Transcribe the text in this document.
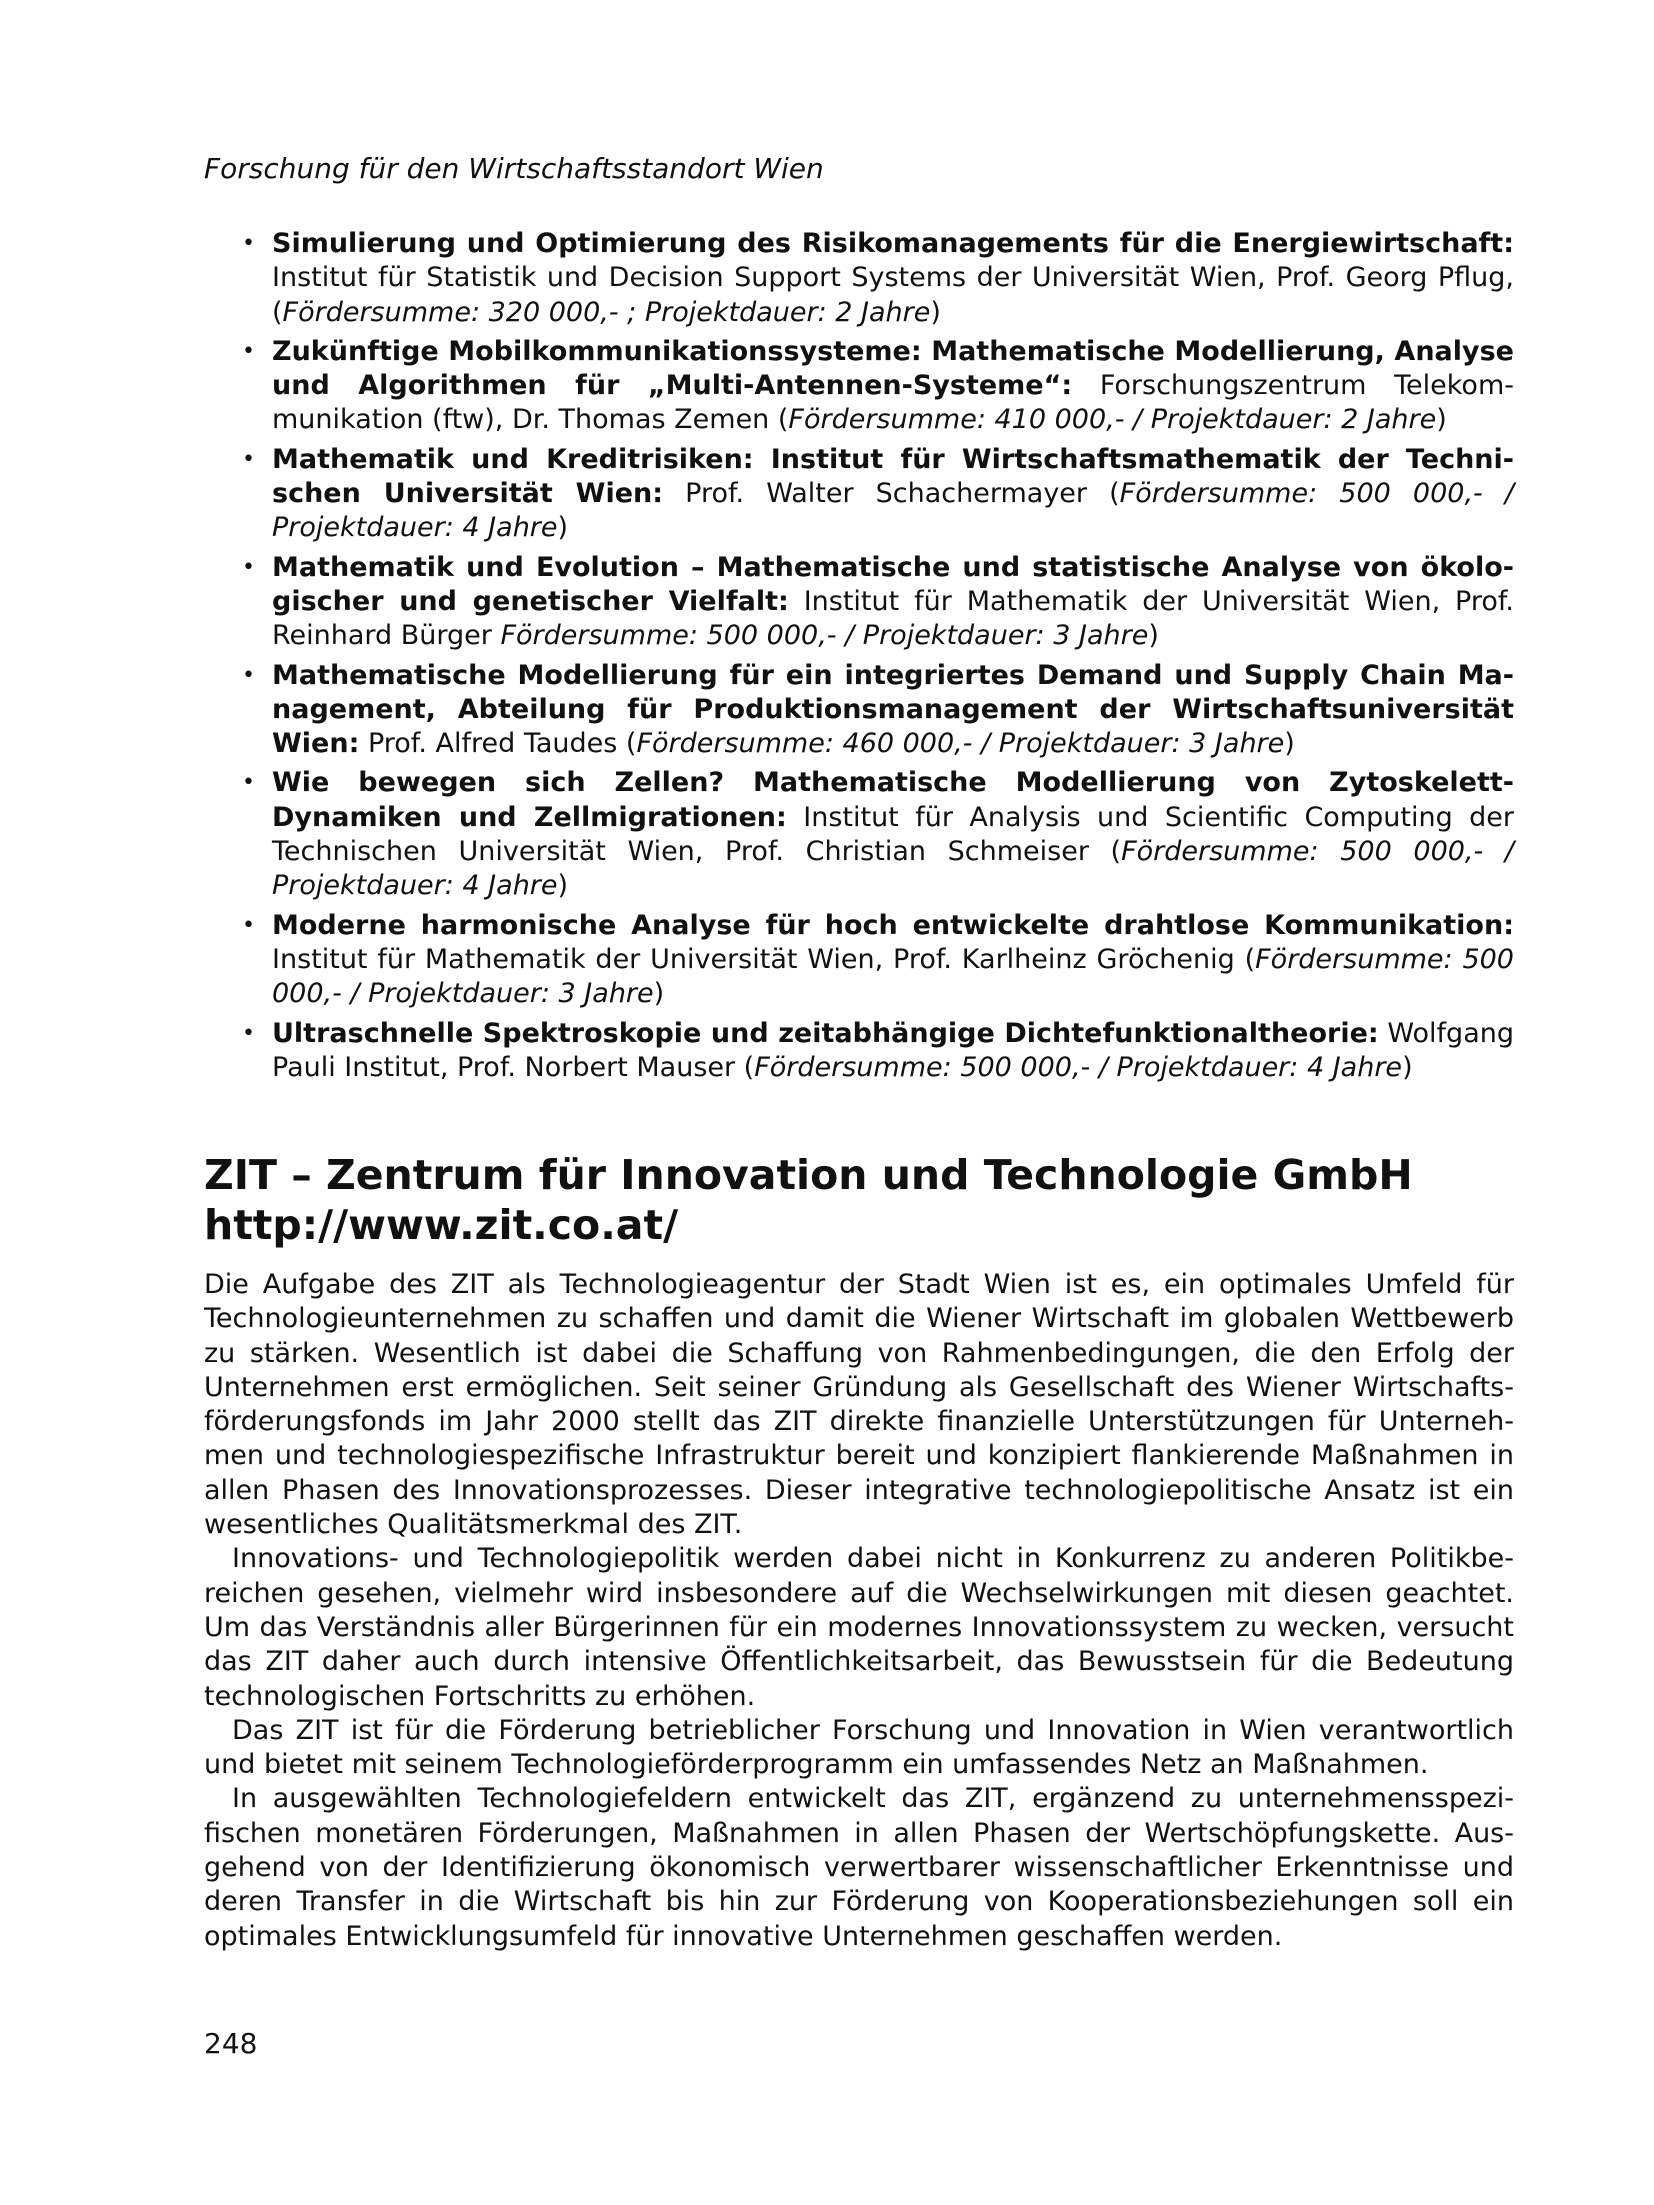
Forschung für den Wirtschaftsstandort Wien
• Simulierung und Optimierung des Risikomanagements für die Energiewirtschaft: Institut für Statistik und Decision Support Systems der Universität Wien, Prof. Georg Pflug, (Fördersumme: 320 000,- ; Projektdauer: 2 Jahre)
• Zukünftige Mobilkommunikationssysteme: Mathematische Modellierung, Analyse und Algorithmen für „Multi-Antennen-Systeme“: Forschungszentrum Telekommunikation (ftw), Dr. Thomas Zemen (Fördersumme: 410 000,- / Projektdauer: 2 Jahre)
• Mathematik und Kreditrisiken: Institut für Wirtschaftsmathematik der Technischen Universität Wien: Prof. Walter Schachermayer (Fördersumme: 500 000,- / Projektdauer: 4 Jahre)
• Mathematik und Evolution – Mathematische und statistische Analyse von ökologischer und genetischer Vielfalt: Institut für Mathematik der Universität Wien, Prof. Reinhard Bürger Fördersumme: 500 000,- / Projektdauer: 3 Jahre)
• Mathematische Modellierung für ein integriertes Demand und Supply Chain Management, Abteilung für Produktionsmanagement der Wirtschaftsuniversität Wien: Prof. Alfred Taudes (Fördersumme: 460 000,- / Projektdauer: 3 Jahre)
• Wie bewegen sich Zellen? Mathematische Modellierung von Zytoskelett-Dynamiken und Zellmigrationen: Institut für Analysis und Scientific Computing der Technischen Universität Wien, Prof. Christian Schmeiser (Fördersumme: 500 000,- / Projektdauer: 4 Jahre)
• Moderne harmonische Analyse für hoch entwickelte drahtlose Kommunikation: Institut für Mathematik der Universität Wien, Prof. Karlheinz Gröchenig (Fördersumme: 500 000,- / Projektdauer: 3 Jahre)
• Ultraschnelle Spektroskopie und zeitabhängige Dichtefunktionaltheorie: Wolfgang Pauli Institut, Prof. Norbert Mauser (Fördersumme: 500 000,- / Projektdauer: 4 Jahre)
ZIT – Zentrum für Innovation und Technologie GmbH
http://www.zit.co.at/

Die Aufgabe des ZIT als Technologieagentur der Stadt Wien ist es, ein optimales Umfeld für Technologieunternehmen zu schaffen und damit die Wiener Wirtschaft im globalen Wettbewerb zu stärken. Wesentlich ist dabei die Schaffung von Rahmenbedingungen, die den Erfolg der Unternehmen erst ermöglichen. Seit seiner Gründung als Gesellschaft des Wiener Wirtschaftsförderungsfonds im Jahr 2000 stellt das ZIT direkte finanzielle Unterstützungen für Unternehmen und technologiespezifische Infrastruktur bereit und konzipiert flankierende Maßnahmen in allen Phasen des Innovationsprozesses. Dieser integrative technologiepolitische Ansatz ist ein wesentliches Qualitätsmerkmal des ZIT.

Innovations- und Technologiepolitik werden dabei nicht in Konkurrenz zu anderen Politikbereichen gesehen, vielmehr wird insbesondere auf die Wechselwirkungen mit diesen geachtet. Um das Verständnis aller Bürgerinnen für ein modernes Innovationssystem zu wecken, versucht das ZIT daher auch durch intensive Öffentlichkeitsarbeit, das Bewusstsein für die Bedeutung technologischen Fortschritts zu erhöhen.

Das ZIT ist für die Förderung betrieblicher Forschung und Innovation in Wien verantwortlich und bietet mit seinem Technologieförderprogramm ein umfassendes Netz an Maßnahmen.

In ausgewählten Technologiefeldern entwickelt das ZIT, ergänzend zu unternehmensspezifischen monetären Förderungen, Maßnahmen in allen Phasen der Wertschöpfungskette. Ausgehend von der Identifizierung ökonomisch verwertbarer wissenschaftlicher Erkenntnisse und deren Transfer in die Wirtschaft bis hin zur Förderung von Kooperationsbeziehungen soll ein optimales Entwicklungsumfeld für innovative Unternehmen geschaffen werden.

248
